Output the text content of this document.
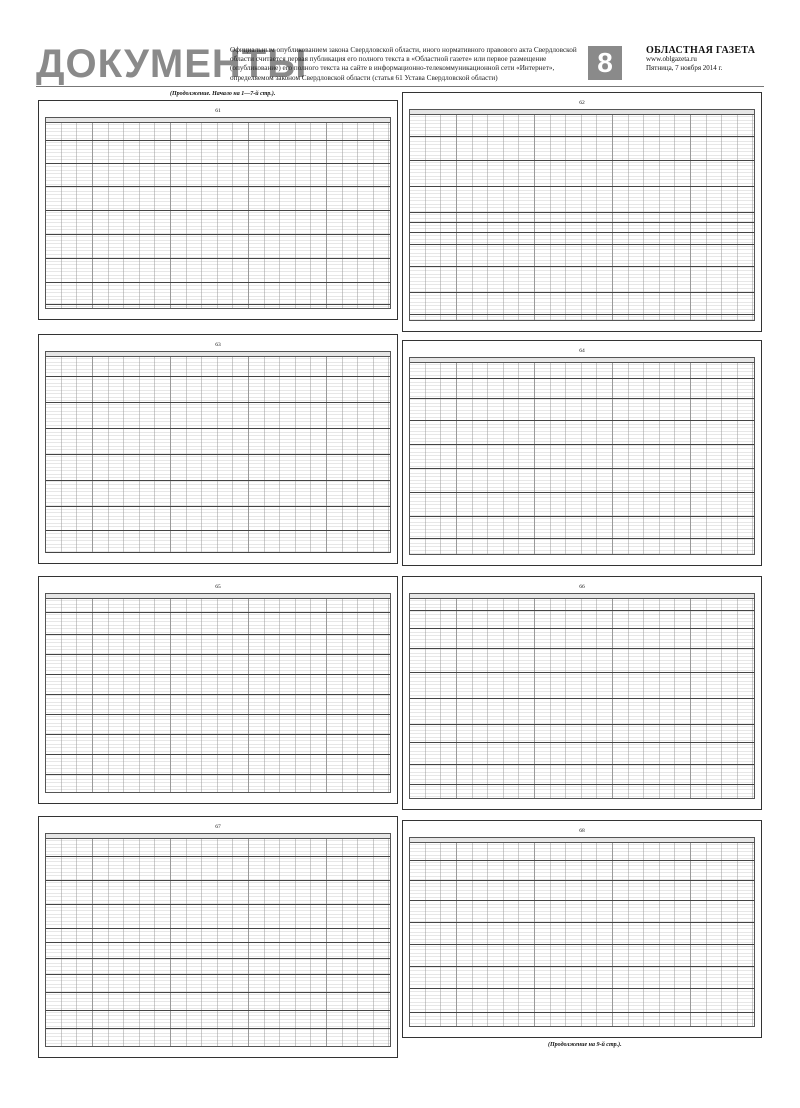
ДОКУМЕНТЫ
Официальным опубликованием закона Свердловской области, иного нормативного правового акта Свердловской области считается первая публикация его полного текста в «Областной газете» или первое размещение (опубликование) его полного текста на сайте в информационно-телекоммуникационной сети «Интернет», определяемом законом Свердловской области (статья 61 Устава Свердловской области)	8	ОБЛАСТНАЯ ГАЗЕТА
www.oblgazeta.ru
Пятница, 7 ноября 2014 г.
(Продолжение. Начало на 1—7-й стр.).
61
62
63
64
65	66
67
68
(Продолжение на 9-й стр.).
